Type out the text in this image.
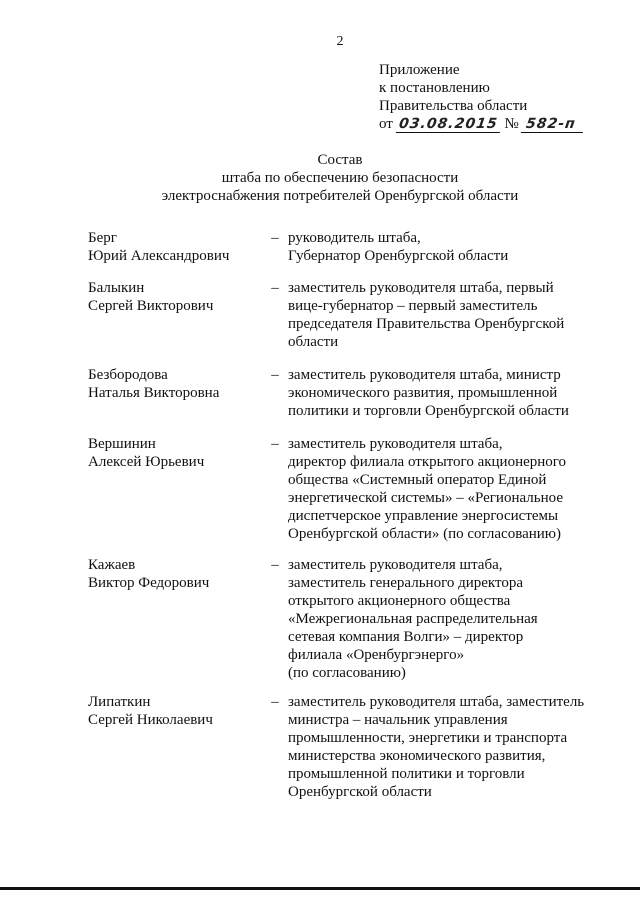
2
Приложение
к постановлению
Правительства области
от 03.08.2015 № 582-п
Состав
штаба по обеспечению безопасности
электроснабжения потребителей Оренбургской области
Берг
Юрий Александрович
– руководитель штаба,
Губернатор Оренбургской области
Балыкин
Сергей Викторович
– заместитель руководителя штаба, первый
вице-губернатор – первый заместитель
председателя Правительства Оренбургской
области
Безбородова
Наталья Викторовна
– заместитель руководителя штаба, министр
экономического развития, промышленной
политики и торговли Оренбургской области
Вершинин
Алексей Юрьевич
– заместитель руководителя штаба,
директор филиала открытого акционерного
общества «Системный оператор Единой
энергетической системы» – «Региональное
диспетчерское управление энергосистемы
Оренбургской области» (по согласованию)
Кажаев
Виктор Федорович
– заместитель руководителя штаба,
заместитель генерального директора
открытого акционерного общества
«Межрегиональная распределительная
сетевая компания Волги» – директор
филиала «Оренбургэнерго»
(по согласованию)
Липаткин
Сергей Николаевич
– заместитель руководителя штаба, заместитель
министра – начальник управления
промышленности, энергетики и транспорта
министерства экономического развития,
промышленной политики и торговли
Оренбургской области
